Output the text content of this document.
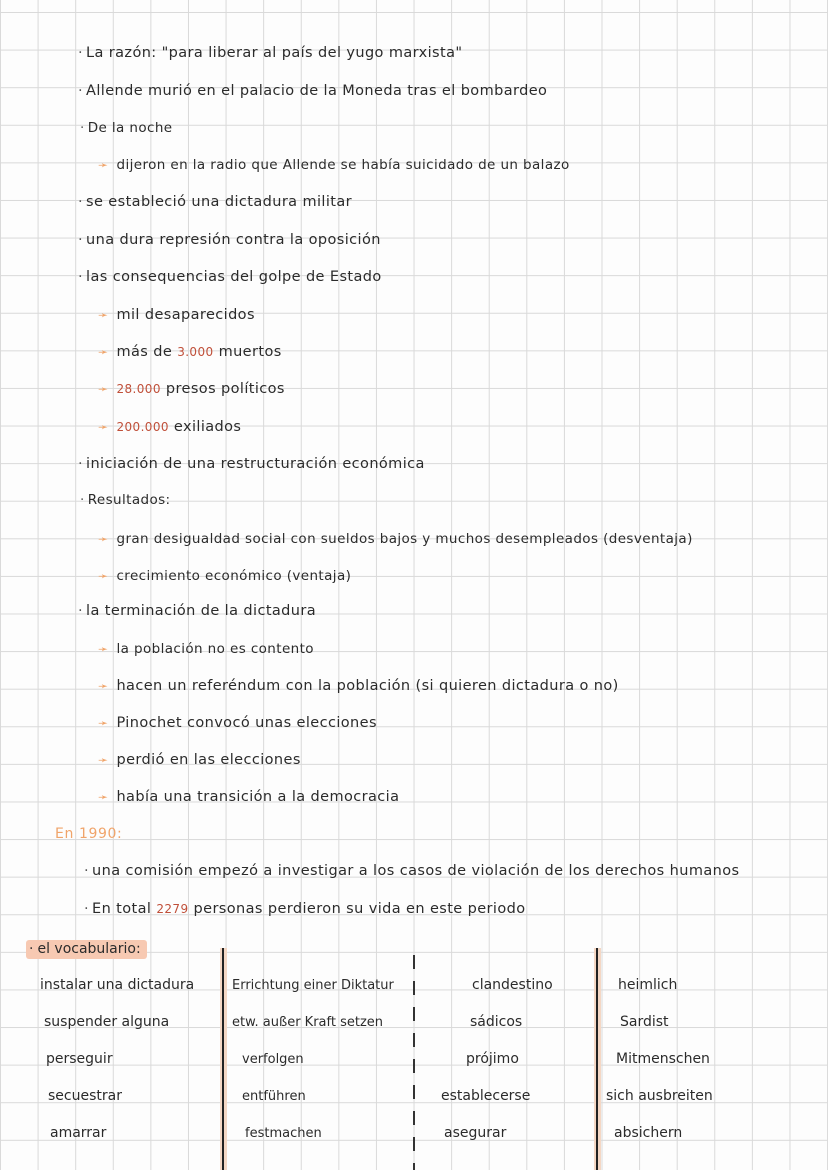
· La razón: "para liberar al país del yugo marxista"
· Allende murió en el palacio de la Moneda tras el bombardeo
· De la noche
➛ dijeron en la radio que Allende se había suicidado de un balazo
· se estableció una dictadura militar
· una dura represión contra la oposición
· las consequencias del golpe de Estado
➛ mil desaparecidos
➛ más de 3.000 muertos
➛ 28.000 presos políticos
➛ 200.000 exiliados
· iniciación de una restructuración económica
· Resultados:
➛ gran desigualdad social con sueldos bajos y muchos desempleados (desventaja)
➛ crecimiento económico (ventaja)
· la terminación de la dictadura
➛ la población no es contento
➛ hacen un referéndum con la población (si quieren dictadura o no)
➛ Pinochet convocó unas elecciones
➛ perdió en las elecciones
➛ había una transición a la democracia
En 1990:
· una comisión empezó a investigar a los casos de violación de los derechos humanos
· En total 2279 personas perdieron su vida en este periodo
· el vocabulario:
instalar una dictadura	Errichtung einer Diktatur	clandestino	heimlich
suspender alguna	etw. außer Kraft setzen	sádicos	Sardist
perseguir	verfolgen	prójimo	Mitmenschen
secuestrar	entführen	establecerse	sich ausbreiten
amarrar	festmachen	asegurar	absichern
